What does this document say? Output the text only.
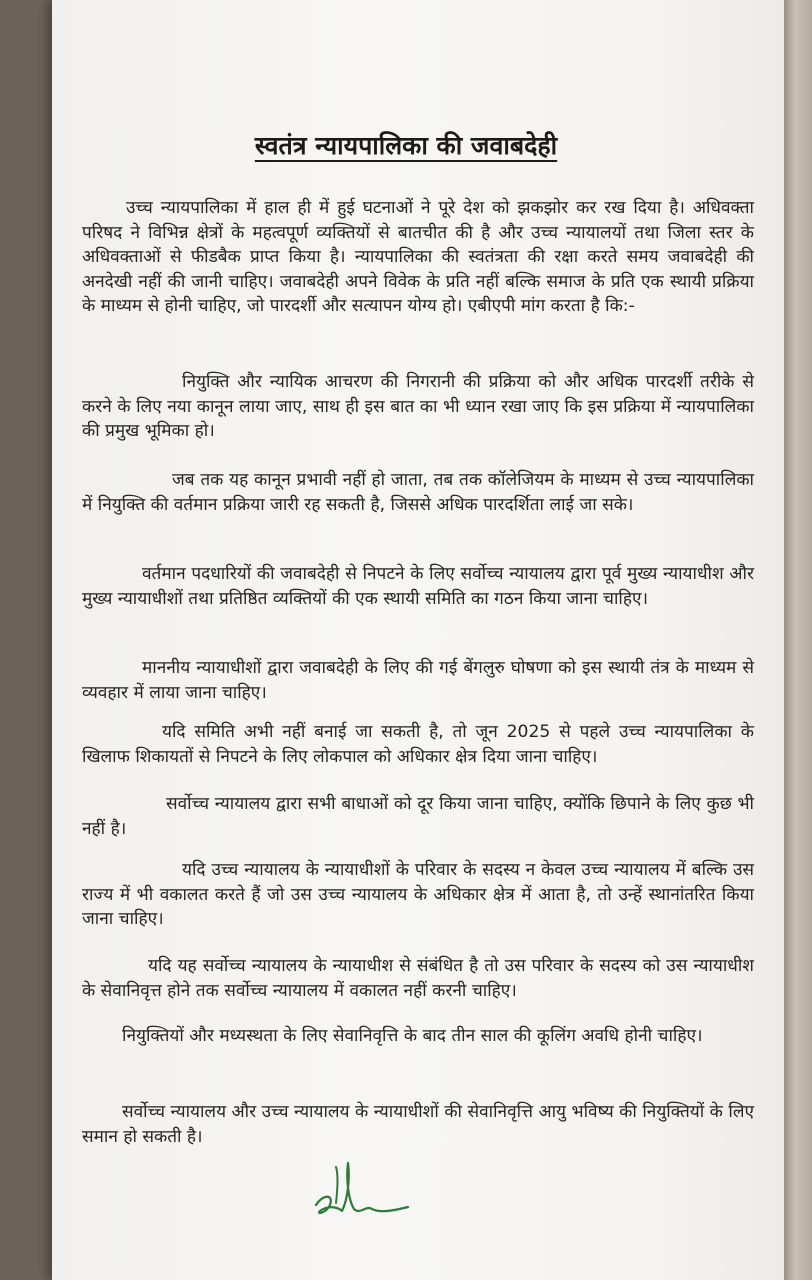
स्वतंत्र न्यायपालिका की जवाबदेही

उच्च न्यायपालिका में हाल ही में हुई घटनाओं ने पूरे देश को झकझोर कर रख दिया है। अधिवक्ता परिषद ने विभिन्न क्षेत्रों के महत्वपूर्ण व्यक्तियों से बातचीत की है और उच्च न्यायालयों तथा जिला स्तर के अधिवक्ताओं से फीडबैक प्राप्त किया है। न्यायपालिका की स्वतंत्रता की रक्षा करते समय जवाबदेही की अनदेखी नहीं की जानी चाहिए। जवाबदेही अपने विवेक के प्रति नहीं बल्कि समाज के प्रति एक स्थायी प्रक्रिया के माध्यम से होनी चाहिए, जो पारदर्शी और सत्यापन योग्य हो। एबीएपी मांग करता है कि:-

नियुक्ति और न्यायिक आचरण की निगरानी की प्रक्रिया को और अधिक पारदर्शी तरीके से करने के लिए नया कानून लाया जाए, साथ ही इस बात का भी ध्यान रखा जाए कि इस प्रक्रिया में न्यायपालिका की प्रमुख भूमिका हो।

जब तक यह कानून प्रभावी नहीं हो जाता, तब तक कॉलेजियम के माध्यम से उच्च न्यायपालिका में नियुक्ति की वर्तमान प्रक्रिया जारी रह सकती है, जिससे अधिक पारदर्शिता लाई जा सके।

वर्तमान पदधारियों की जवाबदेही से निपटने के लिए सर्वोच्च न्यायालय द्वारा पूर्व मुख्य न्यायाधीश और मुख्य न्यायाधीशों तथा प्रतिष्ठित व्यक्तियों की एक स्थायी समिति का गठन किया जाना चाहिए।

माननीय न्यायाधीशों द्वारा जवाबदेही के लिए की गई बेंगलुरु घोषणा को इस स्थायी तंत्र के माध्यम से व्यवहार में लाया जाना चाहिए।

यदि समिति अभी नहीं बनाई जा सकती है, तो जून 2025 से पहले उच्च न्यायपालिका के खिलाफ शिकायतों से निपटने के लिए लोकपाल को अधिकार क्षेत्र दिया जाना चाहिए।

सर्वोच्च न्यायालय द्वारा सभी बाधाओं को दूर किया जाना चाहिए, क्योंकि छिपाने के लिए कुछ भी नहीं है।

यदि उच्च न्यायालय के न्यायाधीशों के परिवार के सदस्य न केवल उच्च न्यायालय में बल्कि उस राज्य में भी वकालत करते हैं जो उस उच्च न्यायालय के अधिकार क्षेत्र में आता है, तो उन्हें स्थानांतरित किया जाना चाहिए।

यदि यह सर्वोच्च न्यायालय के न्यायाधीश से संबंधित है तो उस परिवार के सदस्य को उस न्यायाधीश के सेवानिवृत्त होने तक सर्वोच्च न्यायालय में वकालत नहीं करनी चाहिए।

नियुक्तियों और मध्यस्थता के लिए सेवानिवृत्ति के बाद तीन साल की कूलिंग अवधि होनी चाहिए।

सर्वोच्च न्यायालय और उच्च न्यायालय के न्यायाधीशों की सेवानिवृत्ति आयु भविष्य की नियुक्तियों के लिए समान हो सकती है।
